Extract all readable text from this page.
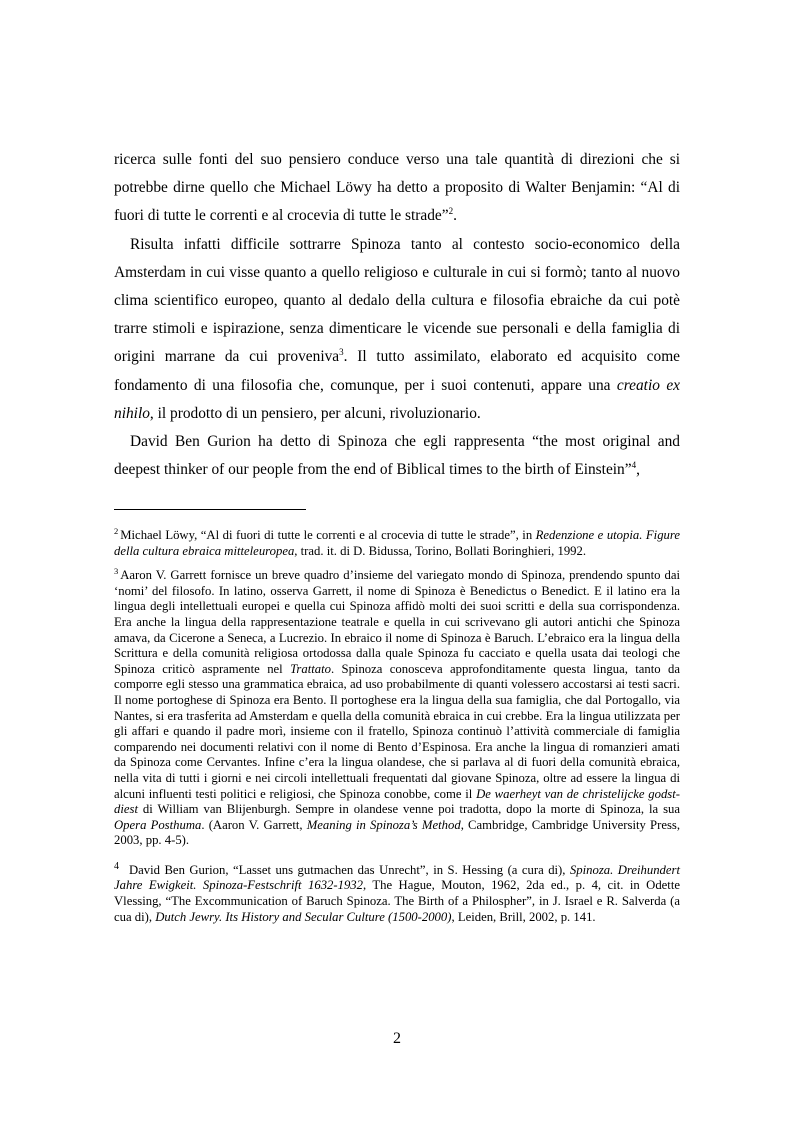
ricerca sulle fonti del suo pensiero conduce verso una tale quantità di direzioni che si potrebbe dirne quello che Michael Löwy ha detto a proposito di Walter Benjamin: “Al di fuori di tutte le correnti e al crocevia di tutte le strade”$^2$.

Risulta infatti difficile sottrarre Spinoza tanto al contesto socio-economico della Amsterdam in cui visse quanto a quello religioso e culturale in cui si formò; tanto al nuovo clima scientifico europeo, quanto al dedalo della cultura e filosofia ebraiche da cui potè trarre stimoli e ispirazione, senza dimenticare le vicende sue personali e della famiglia di origini marrane da cui proveniva$^3$. Il tutto assimilato, elaborato ed acquisito come fondamento di una filosofia che, comunque, per i suoi contenuti, appare una creatio ex nihilo, il prodotto di un pensiero, per alcuni, rivoluzionario.

David Ben Gurion ha detto di Spinoza che egli rappresenta “the most original and deepest thinker of our people from the end of Biblical times to the birth of Einstein”$^4$,

$^2$ Michael Löwy, “Al di fuori di tutte le correnti e al crocevia di tutte le strade”, in Redenzione e utopia. Figure della cultura ebraica mitteleuropea, trad. it. di D. Bidussa, Torino, Bollati Boringhieri, 1992.

$^3$ Aaron V. Garrett fornisce un breve quadro d’insieme del variegato mondo di Spinoza, prendendo spunto dai ‘nomi’ del filosofo. In latino, osserva Garrett, il nome di Spinoza è Benedictus o Benedict. E il latino era la lingua degli intellettuali europei e quella cui Spinoza affidò molti dei suoi scritti e della sua corrispondenza. Era anche la lingua della rappresentazione teatrale e quella in cui scrivevano gli autori antichi che Spinoza amava, da Cicerone a Seneca, a Lucrezio. In ebraico il nome di Spinoza è Baruch. L’ebraico era la lingua della Scrittura e della comunità religiosa ortodossa dalla quale Spinoza fu cacciato e quella usata dai teologi che Spinoza criticò aspramente nel Trattato. Spinoza conosceva approfonditamente questa lingua, tanto da comporre egli stesso una grammatica ebraica, ad uso probabilmente di quanti volessero accostarsi ai testi sacri. Il nome portoghese di Spinoza era Bento. Il portoghese era la lingua della sua famiglia, che dal Portogallo, via Nantes, si era trasferita ad Amsterdam e quella della comunità ebraica in cui crebbe. Era la lingua utilizzata per gli affari e quando il padre morì, insieme con il fratello, Spinoza continuò l’attività commerciale di famiglia comparendo nei documenti relativi con il nome di Bento d’Espinosa. Era anche la lingua di romanzieri amati da Spinoza come Cervantes. Infine c’era la lingua olandese, che si parlava al di fuori della comunità ebraica, nella vita di tutti i giorni e nei circoli intellettuali frequentati dal giovane Spinoza, oltre ad essere la lingua di alcuni influenti testi politici e religiosi, che Spinoza conobbe, come il De waerheyt van de christelijcke godst-diest di William van Blijenburgh. Sempre in olandese venne poi tradotta, dopo la morte di Spinoza, la sua Opera Posthuma. (Aaron V. Garrett, Meaning in Spinoza’s Method, Cambridge, Cambridge University Press, 2003, pp. 4-5).

$^4$ David Ben Gurion, “Lasset uns gutmachen das Unrecht”, in S. Hessing (a cura di), Spinoza. Dreihundert Jahre Ewigkeit. Spinoza-Festschrift 1632-1932, The Hague, Mouton, 1962, 2da ed., p. 4, cit. in Odette Vlessing, “The Excommunication of Baruch Spinoza. The Birth of a Philospher”, in J. Israel e R. Salverda (a cua di), Dutch Jewry. Its History and Secular Culture (1500-2000), Leiden, Brill, 2002, p. 141.

2
